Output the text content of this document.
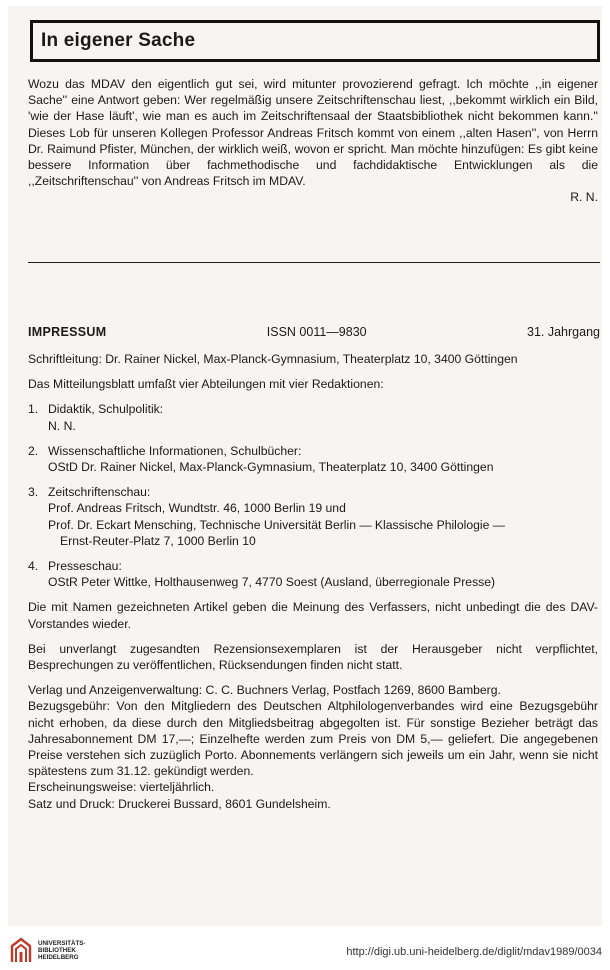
In eigener Sache

Wozu das MDAV den eigentlich gut sei, wird mitunter provozierend gefragt. Ich möchte ,,in eigener Sache'' eine Antwort geben: Wer regelmäßig unsere Zeitschriftenschau liest, ,,bekommt wirklich ein Bild, 'wie der Hase läuft', wie man es auch im Zeitschriftensaal der Staatsbibliothek nicht bekommen kann.'' Dieses Lob für unseren Kollegen Professor Andreas Fritsch kommt von einem ,,alten Hasen'', von Herrn Dr. Raimund Pfister, München, der wirklich weiß, wovon er spricht. Man möchte hinzufügen: Es gibt keine bessere Information über fachmethodische und fachdidaktische Entwicklungen als die ,,Zeitschriftenschau'' von Andreas Fritsch im MDAV.

R. N.

IMPRESSUM	ISSN 0011—9830	31. Jahrgang

Schriftleitung: Dr. Rainer Nickel, Max-Planck-Gymnasium, Theaterplatz 10, 3400 Göttingen

Das Mitteilungsblatt umfaßt vier Abteilungen mit vier Redaktionen:

1. Didaktik, Schulpolitik:
N. N.
2. Wissenschaftliche Informationen, Schulbücher:
OStD Dr. Rainer Nickel, Max-Planck-Gymnasium, Theaterplatz 10, 3400 Göttingen
3. Zeitschriftenschau:
Prof. Andreas Fritsch, Wundtstr. 46, 1000 Berlin 19 und
Prof. Dr. Eckart Mensching, Technische Universität Berlin — Klassische Philologie —
Ernst-Reuter-Platz 7, 1000 Berlin 10
4. Presseschau:
OStR Peter Wittke, Holthausenweg 7, 4770 Soest (Ausland, überregionale Presse)

Die mit Namen gezeichneten Artikel geben die Meinung des Verfassers, nicht unbedingt die des DAV-Vorstandes wieder.

Bei unverlangt zugesandten Rezensionsexemplaren ist der Herausgeber nicht verpflichtet, Besprechungen zu veröffentlichen, Rücksendungen finden nicht statt.

Verlag und Anzeigenverwaltung: C. C. Buchners Verlag, Postfach 1269, 8600 Bamberg.

Bezugsgebühr: Von den Mitgliedern des Deutschen Altphilologenverbandes wird eine Bezugsgebühr nicht erhoben, da diese durch den Mitgliedsbeitrag abgegolten ist. Für sonstige Bezieher beträgt das Jahresabonnement DM 17,—; Einzelhefte werden zum Preis von DM 5,— geliefert. Die angegebenen Preise verstehen sich zuzüglich Porto. Abonnements verlängern sich jeweils um ein Jahr, wenn sie nicht spätestens zum 31.12. gekündigt werden.

Erscheinungsweise: vierteljährlich.

Satz und Druck: Druckerei Bussard, 8601 Gundelsheim.

UNIVERSITÄTS-
BIBLIOTHEK
HEIDELBERG	http://digi.ub.uni-heidelberg.de/diglit/mdav1989/0034
